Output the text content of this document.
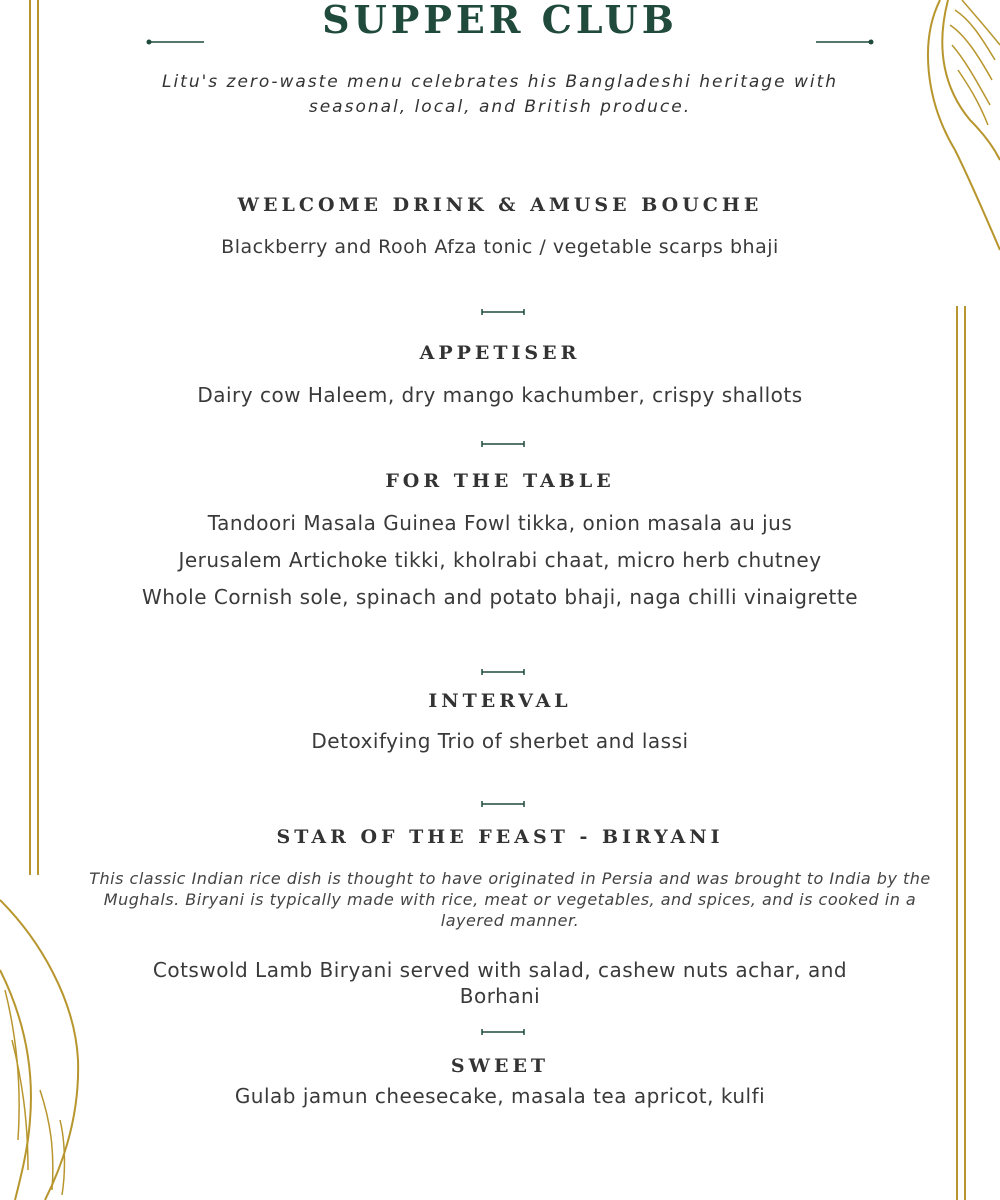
SUPPER CLUB
Litu's zero-waste menu celebrates his Bangladeshi heritage with seasonal, local, and British produce.
WELCOME DRINK & AMUSE BOUCHE
Blackberry and Rooh Afza tonic / vegetable scarps bhaji
APPETISER
Dairy cow Haleem, dry mango kachumber, crispy shallots
FOR THE TABLE
Tandoori Masala Guinea Fowl tikka, onion masala au jus
Jerusalem Artichoke tikki, kholrabi chaat, micro herb chutney
Whole Cornish sole, spinach and potato bhaji, naga chilli vinaigrette
INTERVAL
Detoxifying Trio of sherbet and lassi
STAR OF THE FEAST - BIRYANI
This classic Indian rice dish is thought to have originated in Persia and was brought to India by the Mughals. Biryani is typically made with rice, meat or vegetables, and spices, and is cooked in a layered manner.
Cotswold Lamb Biryani served with salad, cashew nuts achar, and Borhani
SWEET
Gulab jamun cheesecake, masala tea apricot, kulfi
